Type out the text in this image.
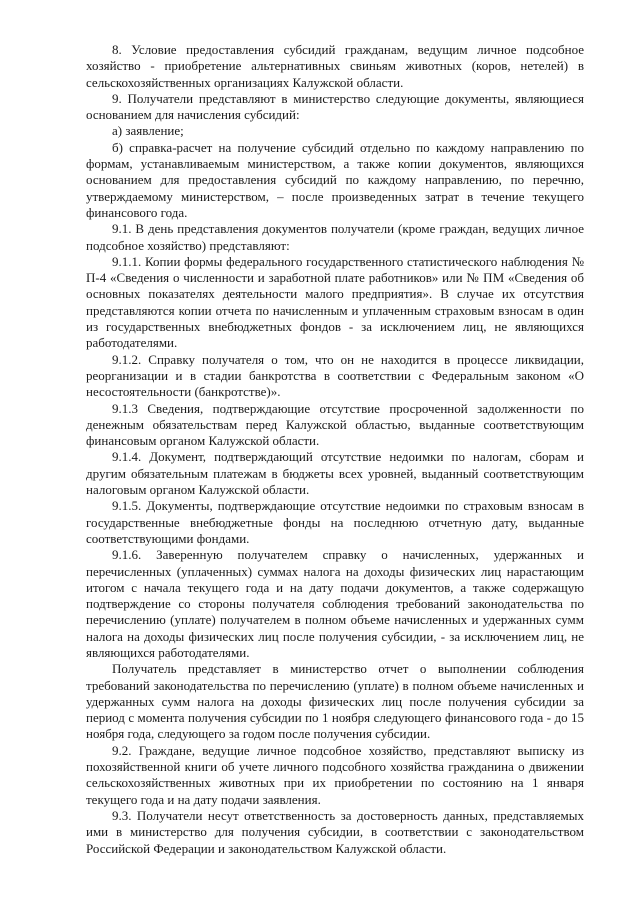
8. Условие предоставления субсидий гражданам, ведущим личное подсобное хозяйство - приобретение альтернативных свиньям животных (коров, нетелей) в сельскохозяйственных организациях Калужской области.

9. Получатели представляют в министерство следующие документы, являющиеся основанием для начисления субсидий:

а) заявление;

б) справка-расчет на получение субсидий отдельно по каждому направлению по формам, устанавливаемым министерством, а также копии документов, являющихся основанием для предоставления субсидий по каждому направлению, по перечню, утверждаемому министерством, – после произведенных затрат в течение текущего финансового года.

9.1. В день представления документов получатели (кроме граждан, ведущих личное подсобное хозяйство) представляют:

9.1.1. Копии формы федерального государственного статистического наблюдения № П-4 «Сведения о численности и заработной плате работников» или № ПМ «Сведения об основных показателях деятельности малого предприятия». В случае их отсутствия представляются копии отчета по начисленным и уплаченным страховым взносам в один из государственных внебюджетных фондов - за исключением лиц, не являющихся работодателями.

9.1.2. Справку получателя о том, что он не находится в процессе ликвидации, реорганизации и в стадии банкротства в соответствии с Федеральным законом «О несостоятельности (банкротстве)».

9.1.3 Сведения, подтверждающие отсутствие просроченной задолженности по денежным обязательствам перед Калужской областью, выданные соответствующим финансовым органом Калужской области.

9.1.4. Документ, подтверждающий отсутствие недоимки по налогам, сборам и другим обязательным платежам в бюджеты всех уровней, выданный соответствующим налоговым органом Калужской области.

9.1.5. Документы, подтверждающие отсутствие недоимки по страховым взносам в государственные внебюджетные фонды на последнюю отчетную дату, выданные соответствующими фондами.

9.1.6. Заверенную получателем справку о начисленных, удержанных и перечисленных (уплаченных) суммах налога на доходы физических лиц нарастающим итогом с начала текущего года и на дату подачи документов, а также содержащую подтверждение со стороны получателя соблюдения требований законодательства по перечислению (уплате) получателем в полном объеме начисленных и удержанных сумм налога на доходы физических лиц после получения субсидии, - за исключением лиц, не являющихся работодателями.

Получатель представляет в министерство отчет о выполнении соблюдения требований законодательства по перечислению (уплате) в полном объеме начисленных и удержанных сумм налога на доходы физических лиц после получения субсидии за период с момента получения субсидии по 1 ноября следующего финансового года - до 15 ноября года, следующего за годом после получения субсидии.

9.2. Граждане, ведущие личное подсобное хозяйство, представляют выписку из похозяйственной книги об учете личного подсобного хозяйства гражданина о движении сельскохозяйственных животных при их приобретении по состоянию на 1 января текущего года и на дату подачи заявления.

9.3. Получатели несут ответственность за достоверность данных, представляемых ими в министерство для получения субсидии, в соответствии с законодательством Российской Федерации и законодательством Калужской области.
